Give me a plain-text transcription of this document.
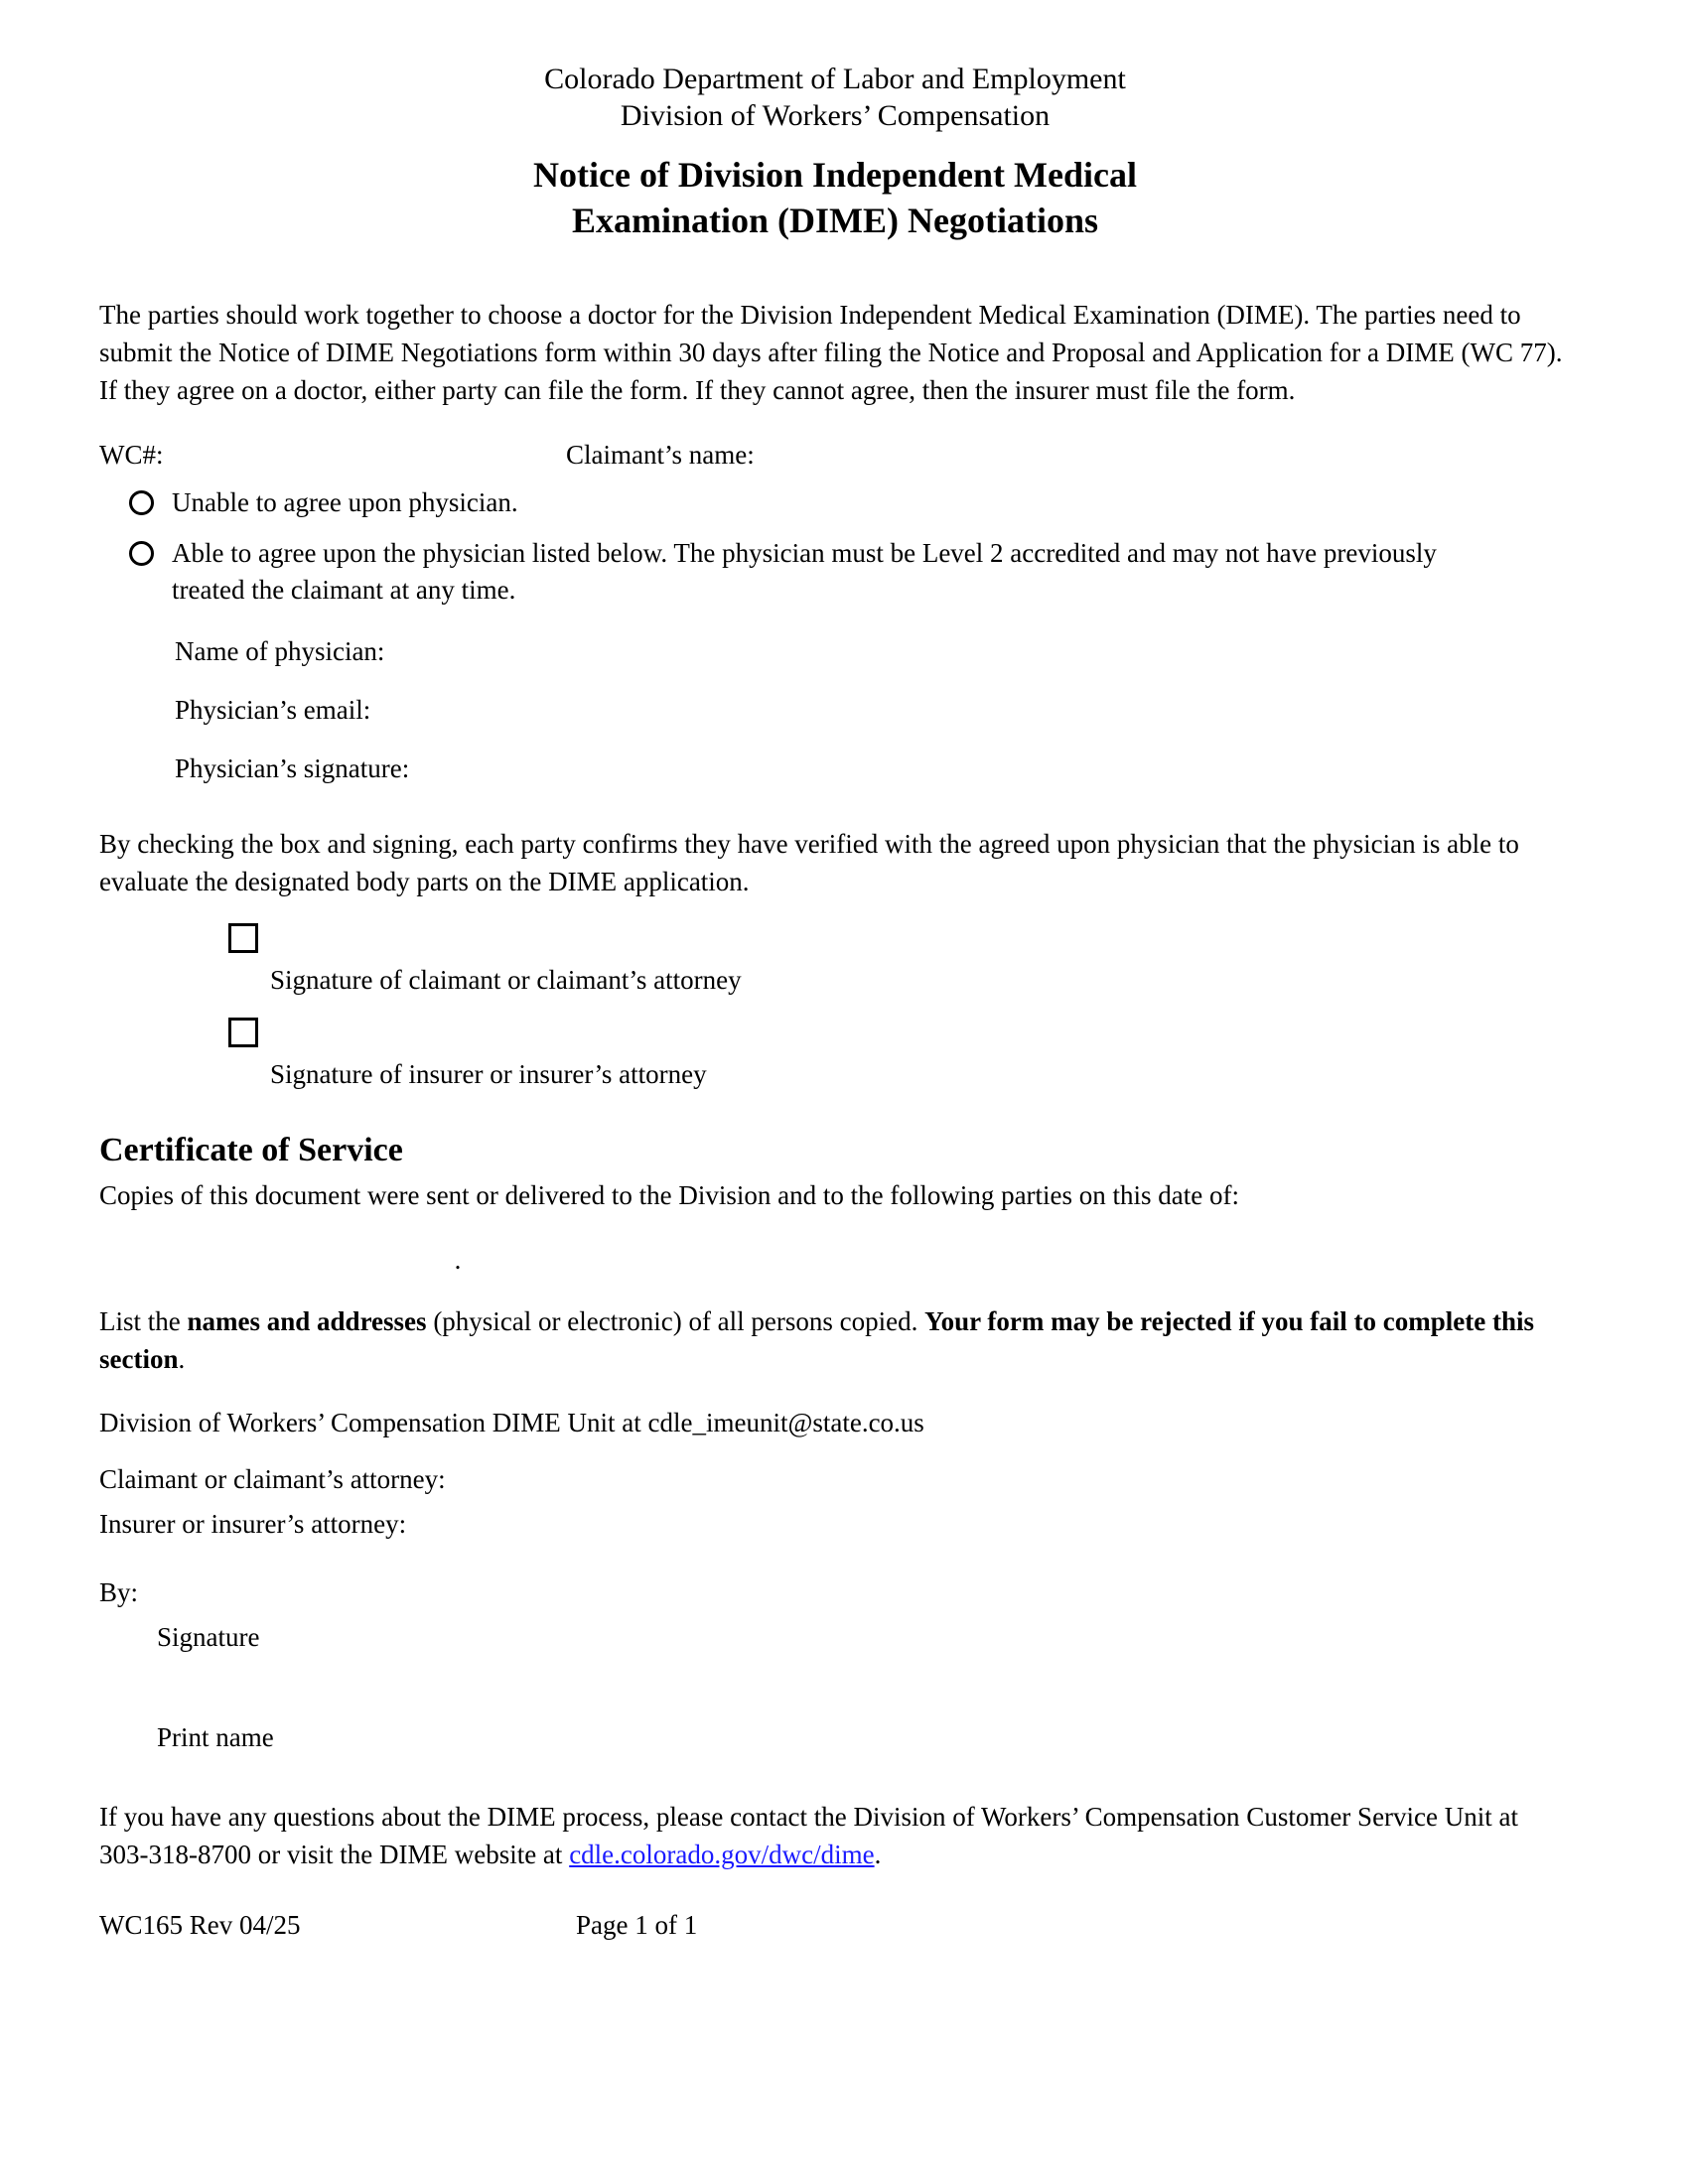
Colorado Department of Labor and Employment
Division of Workers’ Compensation
Notice of Division Independent Medical
Examination (DIME) Negotiations
The parties should work together to choose a doctor for the Division Independent Medical Examination (DIME). The parties need to submit the Notice of DIME Negotiations form within 30 days after filing the Notice and Proposal and Application for a DIME (WC 77). If they agree on a doctor, either party can file the form. If they cannot agree, then the insurer must file the form.
WC#:	Claimant’s name:
Unable to agree upon physician.
Able to agree upon the physician listed below. The physician must be Level 2 accredited and may not have previously treated the claimant at any time.
Name of physician:
Physician’s email:
Physician’s signature:
By checking the box and signing, each party confirms they have verified with the agreed upon physician that the physician is able to evaluate the designated body parts on the DIME application.
Signature of claimant or claimant’s attorney
Signature of insurer or insurer’s attorney
Certificate of Service
Copies of this document were sent or delivered to the Division and to the following parties on this date of:
.
List the names and addresses (physical or electronic) of all persons copied. Your form may be rejected if you fail to complete this section.
Division of Workers’ Compensation DIME Unit at cdle_imeunit@state.co.us
Claimant or claimant’s attorney:
Insurer or insurer’s attorney:
By:
Signature
Print name
If you have any questions about the DIME process, please contact the Division of Workers’ Compensation Customer Service Unit at 303-318-8700 or visit the DIME website at cdle.colorado.gov/dwc/dime.
WC165 Rev 04/25	Page 1 of 1
